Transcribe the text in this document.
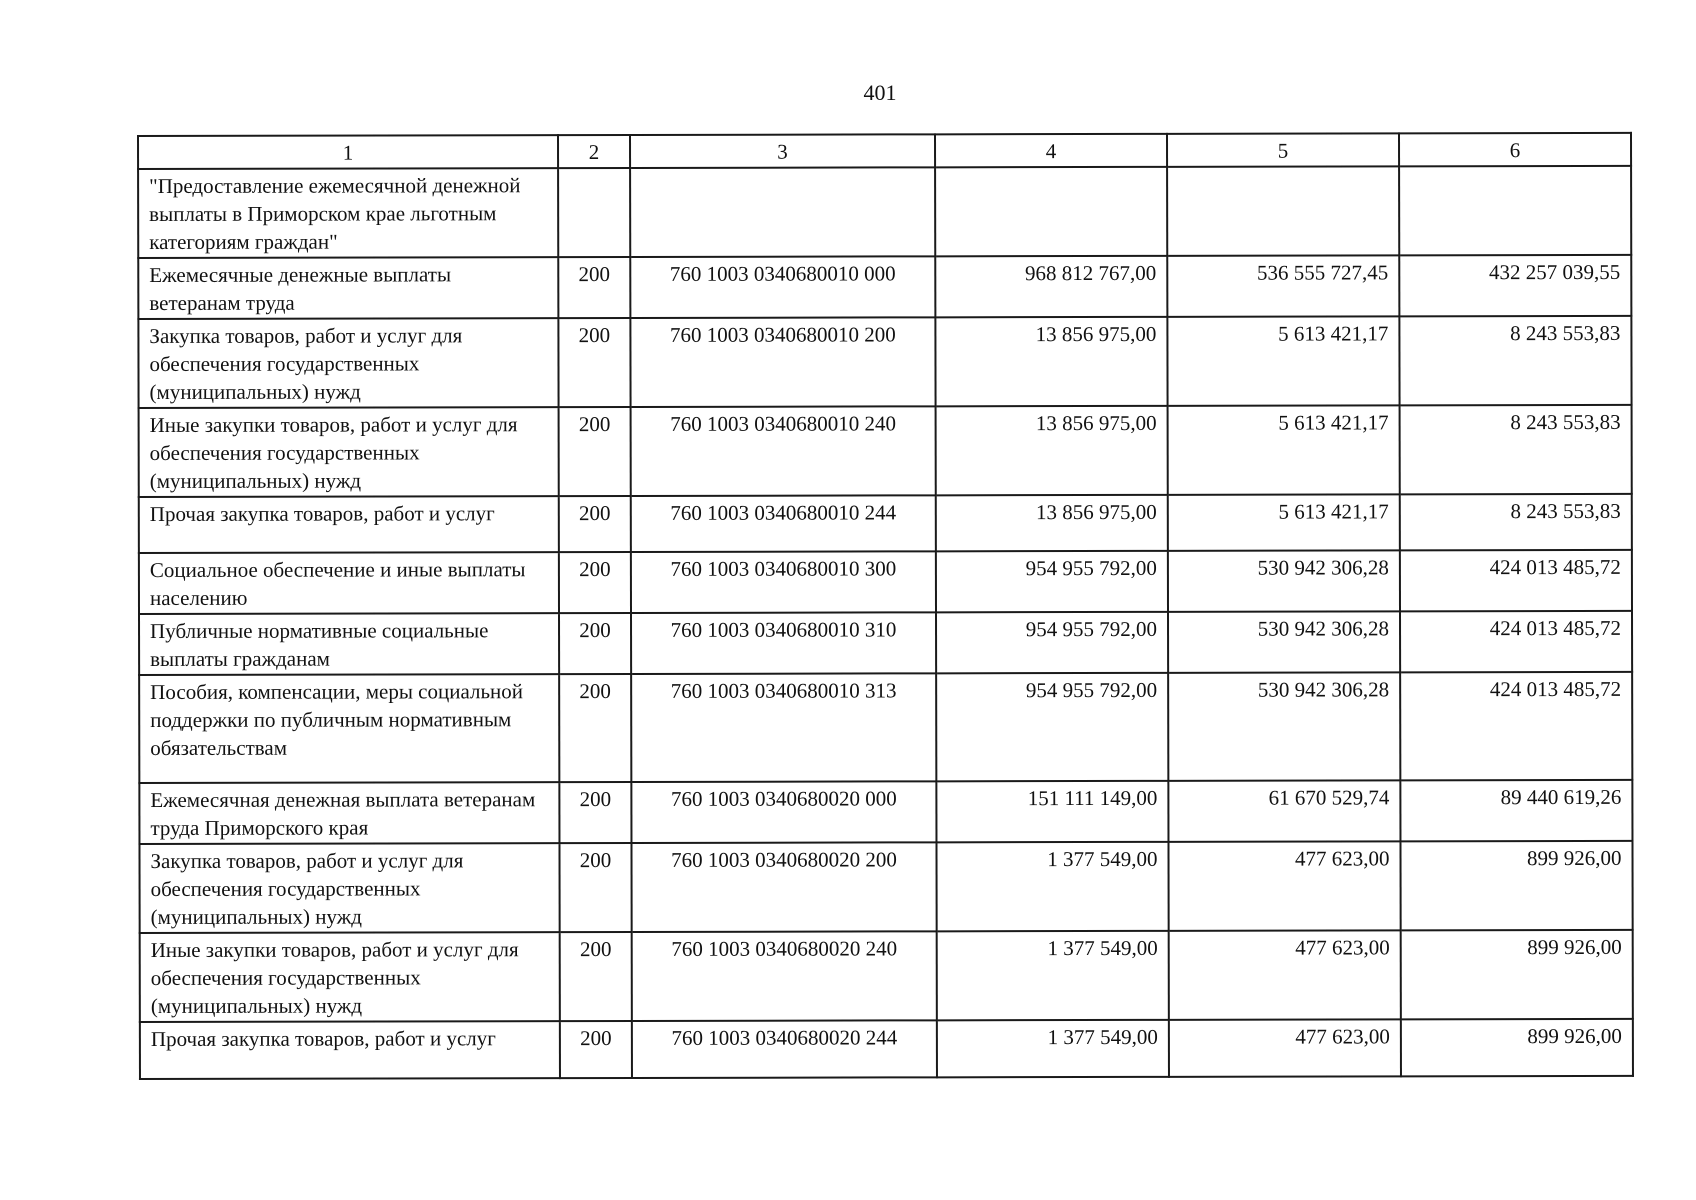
401
1	2	3	4	5	6
"Предоставление ежемесячной денежной выплаты в Приморском крае льготным категориям граждан"					
Ежемесячные денежные выплаты ветеранам труда	200	760 1003 0340680010 000	968 812 767,00	536 555 727,45	432 257 039,55
Закупка товаров, работ и услуг для обеспечения государственных (муниципальных) нужд	200	760 1003 0340680010 200	13 856 975,00	5 613 421,17	8 243 553,83
Иные закупки товаров, работ и услуг для обеспечения государственных (муниципальных) нужд	200	760 1003 0340680010 240	13 856 975,00	5 613 421,17	8 243 553,83
Прочая закупка товаров, работ и услуг	200	760 1003 0340680010 244	13 856 975,00	5 613 421,17	8 243 553,83
Социальное обеспечение и иные выплаты населению	200	760 1003 0340680010 300	954 955 792,00	530 942 306,28	424 013 485,72
Публичные нормативные социальные выплаты гражданам	200	760 1003 0340680010 310	954 955 792,00	530 942 306,28	424 013 485,72
Пособия, компенсации, меры социальной поддержки по публичным нормативным обязательствам	200	760 1003 0340680010 313	954 955 792,00	530 942 306,28	424 013 485,72
Ежемесячная денежная выплата ветеранам труда Приморского края	200	760 1003 0340680020 000	151 111 149,00	61 670 529,74	89 440 619,26
Закупка товаров, работ и услуг для обеспечения государственных (муниципальных) нужд	200	760 1003 0340680020 200	1 377 549,00	477 623,00	899 926,00
Иные закупки товаров, работ и услуг для обеспечения государственных (муниципальных) нужд	200	760 1003 0340680020 240	1 377 549,00	477 623,00	899 926,00
Прочая закупка товаров, работ и услуг	200	760 1003 0340680020 244	1 377 549,00	477 623,00	899 926,00
